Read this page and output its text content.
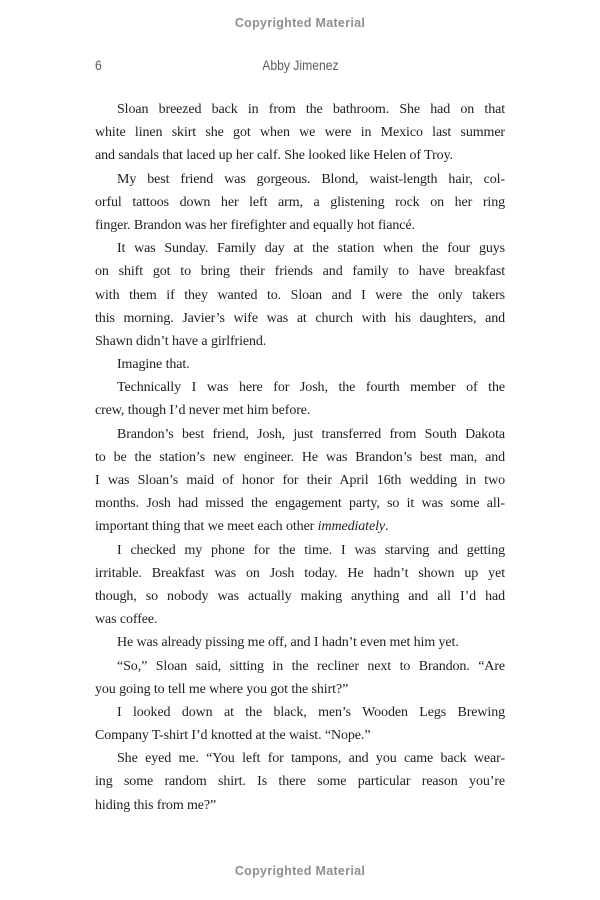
Copyrighted Material
6	Abby Jimenez

Sloan breezed back in from the bathroom. She had on that
white linen skirt she got when we were in Mexico last summer
and sandals that laced up her calf. She looked like Helen of Troy.

My best friend was gorgeous. Blond, waist-length hair, col-
orful tattoos down her left arm, a glistening rock on her ring
finger. Brandon was her firefighter and equally hot fiancé.

It was Sunday. Family day at the station when the four guys
on shift got to bring their friends and family to have breakfast
with them if they wanted to. Sloan and I were the only takers
this morning. Javier’s wife was at church with his daughters, and
Shawn didn’t have a girlfriend.

Imagine that.

Technically I was here for Josh, the fourth member of the
crew, though I’d never met him before.

Brandon’s best friend, Josh, just transferred from South Dakota
to be the station’s new engineer. He was Brandon’s best man, and
I was Sloan’s maid of honor for their April 16th wedding in two
months. Josh had missed the engagement party, so it was some all-
important thing that we meet each other immediately.

I checked my phone for the time. I was starving and getting
irritable. Breakfast was on Josh today. He hadn’t shown up yet
though, so nobody was actually making anything and all I’d had
was coffee.

He was already pissing me off, and I hadn’t even met him yet.

“So,” Sloan said, sitting in the recliner next to Brandon. “Are
you going to tell me where you got the shirt?”

I looked down at the black, men’s Wooden Legs Brewing
Company T-shirt I’d knotted at the waist. “Nope.”

She eyed me. “You left for tampons, and you came back wear-
ing some random shirt. Is there some particular reason you’re
hiding this from me?”

Copyrighted Material
